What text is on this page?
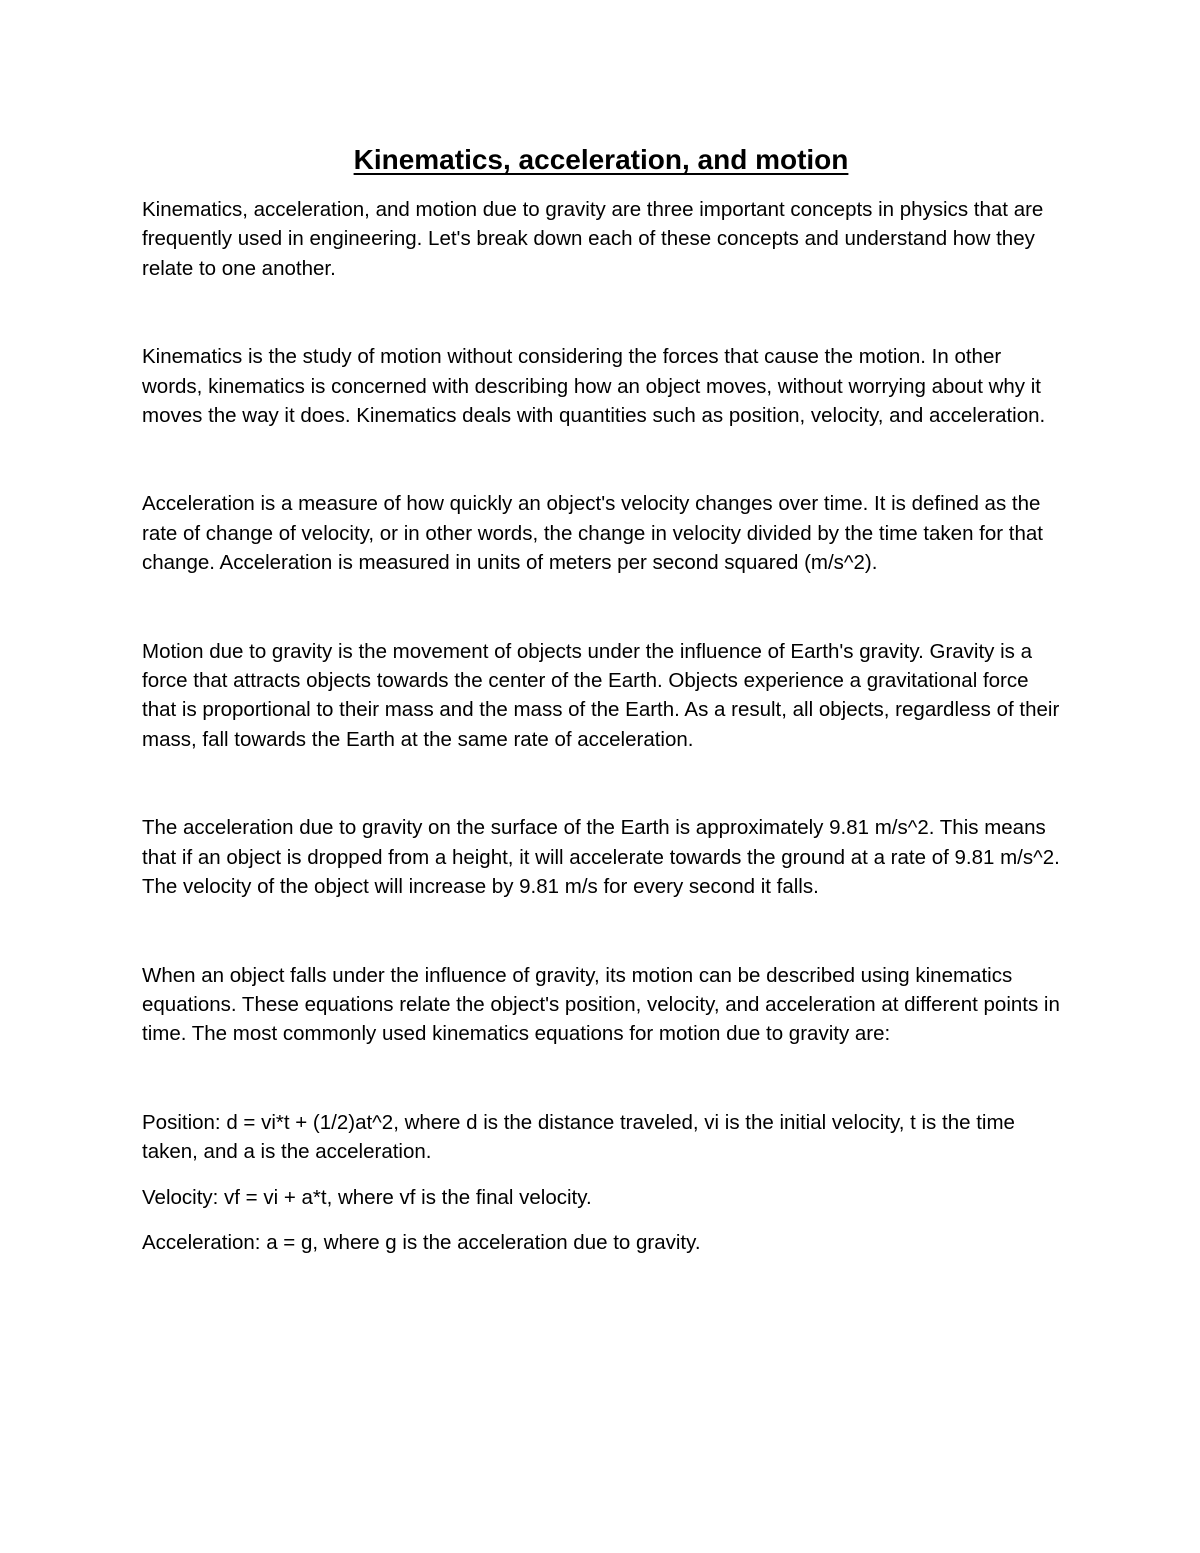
Kinematics, acceleration, and motion

Kinematics, acceleration, and motion due to gravity are three important concepts in physics that are frequently used in engineering. Let's break down each of these concepts and understand how they relate to one another.

Kinematics is the study of motion without considering the forces that cause the motion. In other words, kinematics is concerned with describing how an object moves, without worrying about why it moves the way it does. Kinematics deals with quantities such as position, velocity, and acceleration.

Acceleration is a measure of how quickly an object's velocity changes over time. It is defined as the rate of change of velocity, or in other words, the change in velocity divided by the time taken for that change. Acceleration is measured in units of meters per second squared (m/s^2).

Motion due to gravity is the movement of objects under the influence of Earth's gravity. Gravity is a force that attracts objects towards the center of the Earth. Objects experience a gravitational force that is proportional to their mass and the mass of the Earth. As a result, all objects, regardless of their mass, fall towards the Earth at the same rate of acceleration.

The acceleration due to gravity on the surface of the Earth is approximately 9.81 m/s^2. This means that if an object is dropped from a height, it will accelerate towards the ground at a rate of 9.81 m/s^2. The velocity of the object will increase by 9.81 m/s for every second it falls.

When an object falls under the influence of gravity, its motion can be described using kinematics equations. These equations relate the object's position, velocity, and acceleration at different points in time. The most commonly used kinematics equations for motion due to gravity are:

Position: d = vi*t + (1/2)at^2, where d is the distance traveled, vi is the initial velocity, t is the time taken, and a is the acceleration.

Velocity: vf = vi + a*t, where vf is the final velocity.

Acceleration: a = g, where g is the acceleration due to gravity.
